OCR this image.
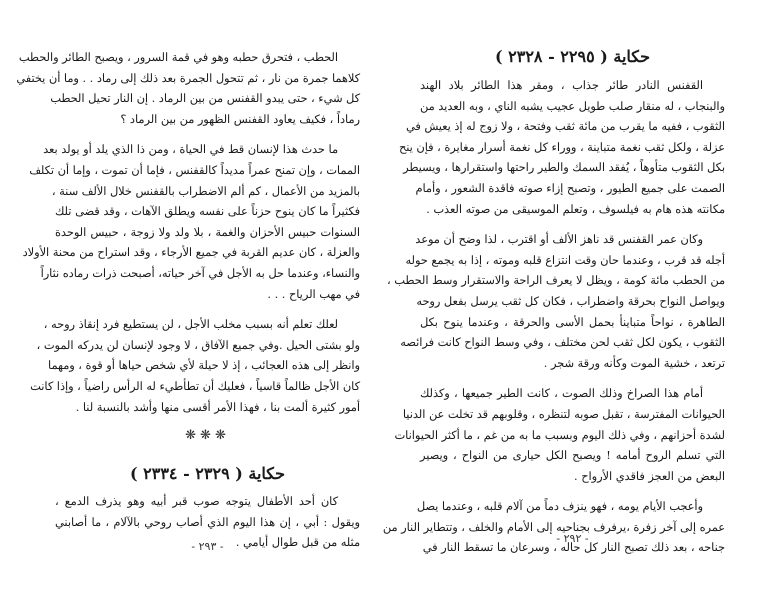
حكاية ( ٢٢٩٥ - ٢٣٢٨ )
القفنس النادر طائر جذاب ، ومقر هذا الطائر بلاد الهند
والبنجاب ، له منقار صلب طويل عجيب يشبه الناي ، وبه العديد من
الثقوب ، ففيه ما يقرب من مائة ثقب وفتحة ، ولا زوج له إذ يعيش في
عزلة ، ولكل ثقب نغمة متباينة ، ووراء كل نغمة أسرار مغايرة ، فإن ينح
بكل الثقوب متأوهاً ، يُفقد السمك والطير راحتها واستقرارها ، ويسيطر
الصمت على جميع الطيور ، وتصبح إزاء صوته فاقدة الشعور ، وأمام
مكانته هذه هام به فيلسوف ، وتعلم الموسيقى من صوته العذب .
وكان عمر القفنس قد ناهز الألف أو اقترب ، لذا وضح أن موعد
أجله قد قرب ، وعندما حان وقت انتزاع قلبه وموته ، إذا به يجمع حوله
من الحطب مائة كومة ، ويظل لا يعرف الراحة والاستقرار وسط الحطب ،
ويواصل النواح بحرقة واضطراب ، فكان كل ثقب يرسل بفعل روحه
الطاهرة ، نواحاً متباينأ بحمل الأسى والحرقة ، وعندما ينوح بكل
الثقوب ، يكون لكل ثقب لحن مختلف ، وفي وسط النواح كانت فرائصه
ترتعد ، خشية الموت وكأنه ورقة شجر .
أمام هذا الصراخ وذلك الصوت ، كانت الطير جميعها ، وكذلك
الحيوانات المفترسة ، تقبل صوبه لتنظره ، وقلوبهم قد تخلت عن الدنيا
لشدة أحزانهم ، وفي ذلك اليوم وبسبب ما به من غم ، ما أكثر الحيوانات
التي تسلم الروح أمامه ! ويصبح الكل حيارى من النواح ، ويصير
البعض من العجز فاقدي الأرواح .
وأعجب الأيام يومه ، فهو ينزف دماً من آلام قلبه ، وعندما يصل
عمره إلى آخر زفرة ،يرفرف بجناحيه إلى الأمام والخلف ، وتتطاير النار من
جناحه ، بعد ذلك تصبح النار كل حاله ، وسرعان ما تسقط النار في
- ٢٩٢ -
الحطب ، فتحرق حطبه وهو في قمة السرور ، ويصبح الطائر والحطب
كلاهما جمرة من نار ، ثم تتحول الجمرة بعد ذلك إلى رماد . . وما أن يختفي
كل شيء ، حتى يبدو القفنس من بين الرماد . إن النار تحيل الحطب
رماداً ، فكيف يعاود القفنس الظهور من بين الرماد ؟
ما حدث هذا لإنسان قط في الحياة ، ومن ذا الذي يلد أو يولد بعد
الممات ، وإن تمنح عمراً مديداً كالقفنس ، فإما أن تموت ، وإما أن تكلف
بالمزيد من الأعمال ، كم ألم الاضطراب بالقفنس خلال الألف سنة ،
فكثيراً ما كان ينوح حزناً على نفسه ويطلق الآهات ، وقد قضى تلك
السنوات حبيس الأحزان والغمة ، بلا ولد ولا زوجة ، حبيس الوحدة
والعزلة ، كان عديم القربة في جميع الأرجاء ، وقد استراح من محنة الأولاد
والنساء، وعندما حل به الأجل في آخر حياته، أصبحت ذرات رماده نثاراً
في مهب الرياح . . .
لعلك تعلم أنه بسبب مخلب الأجل ، لن يستطيع فرد إنقاذ روحه ،
ولو بشتى الحيل .وفي جميع الآفاق ، لا وجود لإنسان لن يدركه الموت ،
وانظر إلى هذه العجائب ، إذ لا حيلة لأي شخص حياها أو قوة ، ومهما
كان الأجل ظالماً قاسياً ، فعليك أن تطأطيء له الرأس راضياً ، وإذا كانت
أمور كثيرة ألمت بنا ، فهذا الأمر أقسى منها وأشد بالنسبة لنا .
❋❋❋
حكاية ( ٢٣٢٩ - ٢٣٣٤ )
كان أحد الأطفال يتوجه صوب قبر أبيه وهو يذرف الدمع ،
ويقول : أبي ، إن هذا اليوم الذي أصاب روحي بالآلام ، ما أصابني
مثله من قبل طوال أيامي .
- ٢٩٣ -
